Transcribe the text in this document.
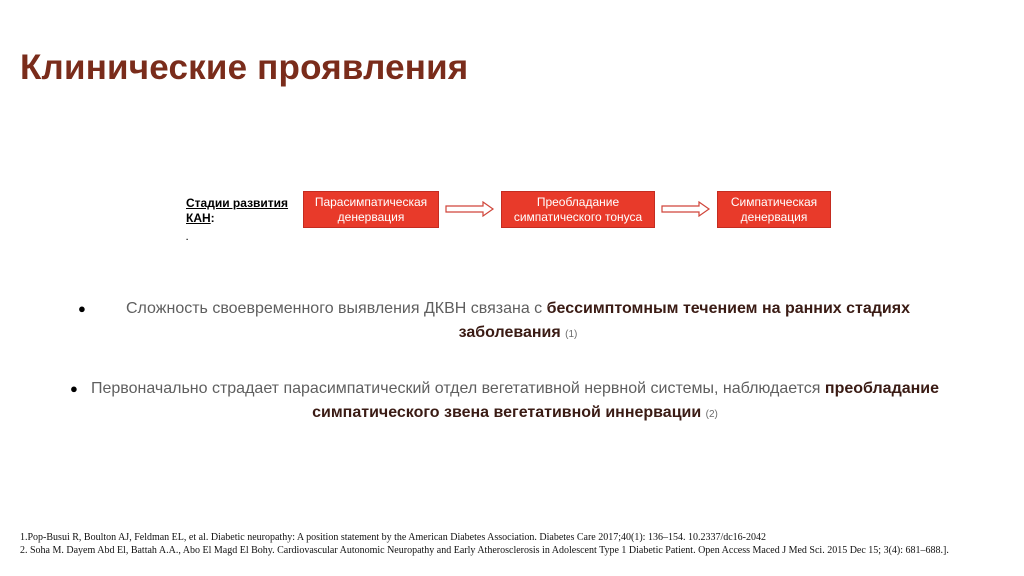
Клинические проявления
Стадии развития
КАН:
.
Парасимпатическая
денервация
Преобладание
симпатического тонуса
Симпатическая
денервация
●	Сложность своевременного выявления ДКВН связана с бессимптомным течением на ранних стадиях заболевания (1)
● Первоначально страдает парасимпатический отдел вегетативной нервной системы, наблюдается преобладание симпатического звена вегетативной иннервации (2)
1.Pop-Busui R, Boulton AJ, Feldman EL, et al. Diabetic neuropathy: A position statement by the American Diabetes Association. Diabetes Care 2017;40(1): 136–154. 10.2337/dc16-2042
2. Soha M. Dayem Abd El, Battah A.A., Abo El Magd El Bohy. Cardiovascular Autonomic Neuropathy and Early Atherosclerosis in Adolescent Type 1 Diabetic Patient. Open Access Maced J Med Sci. 2015 Dec 15; 3(4): 681–688.].
